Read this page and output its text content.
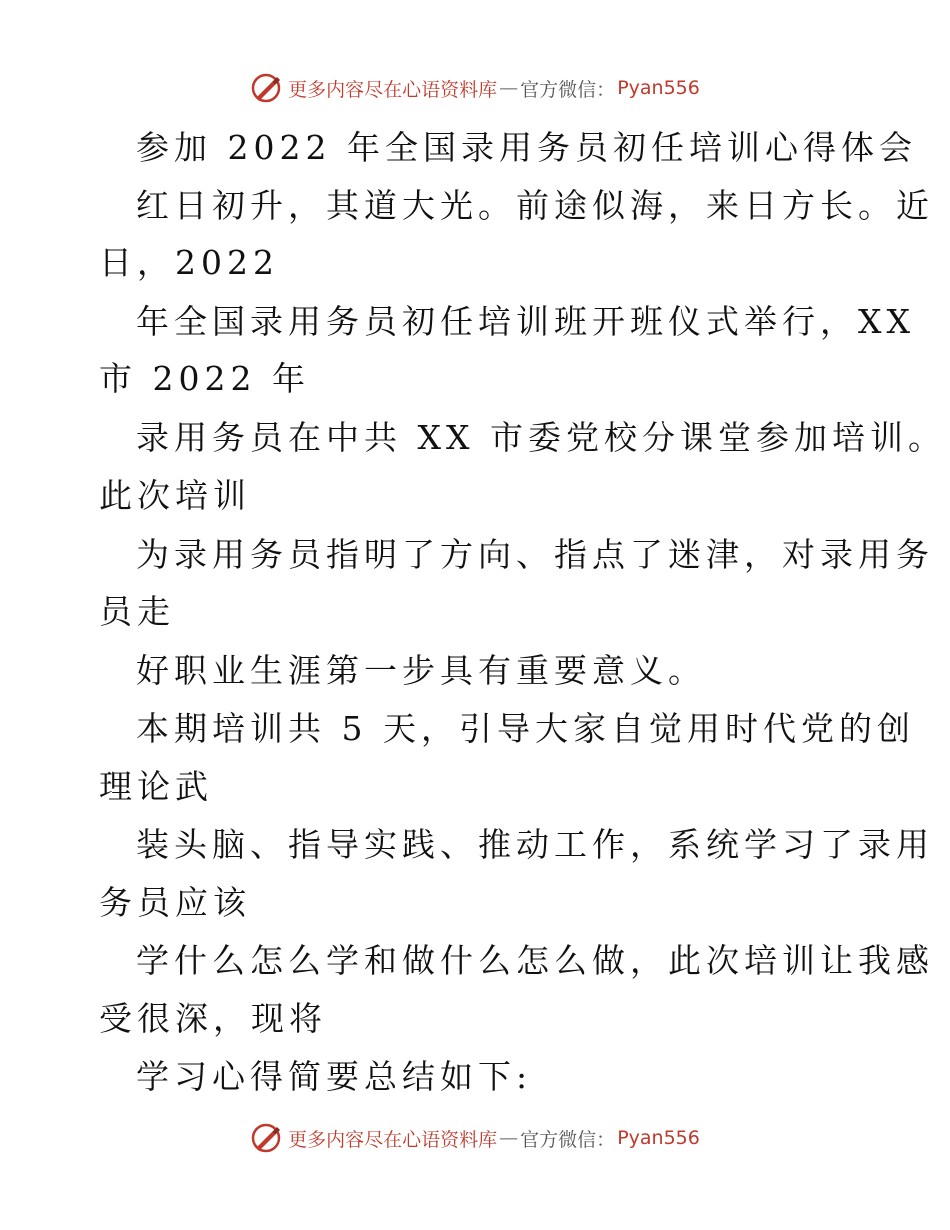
更多内容尽在心语资料库 — 官方微信： Pyan556
参加 2022 年全国录用务员初任培训心得体会
红日初升，其道大光。前途似海，来日方长。近
日，2022
年全国录用务员初任培训班开班仪式举行，XX
市 2022 年
录用务员在中共 XX 市委党校分课堂参加培训。
此次培训
为录用务员指明了方向、指点了迷津，对录用务
员走
好职业生涯第一步具有重要意义。
本期培训共 5 天，引导大家自觉用时代党的创
理论武
装头脑、指导实践、推动工作，系统学习了录用
务员应该
学什么怎么学和做什么怎么做，此次培训让我感
受很深，现将
学习心得简要总结如下:
更多内容尽在心语资料库 — 官方微信： Pyan556
